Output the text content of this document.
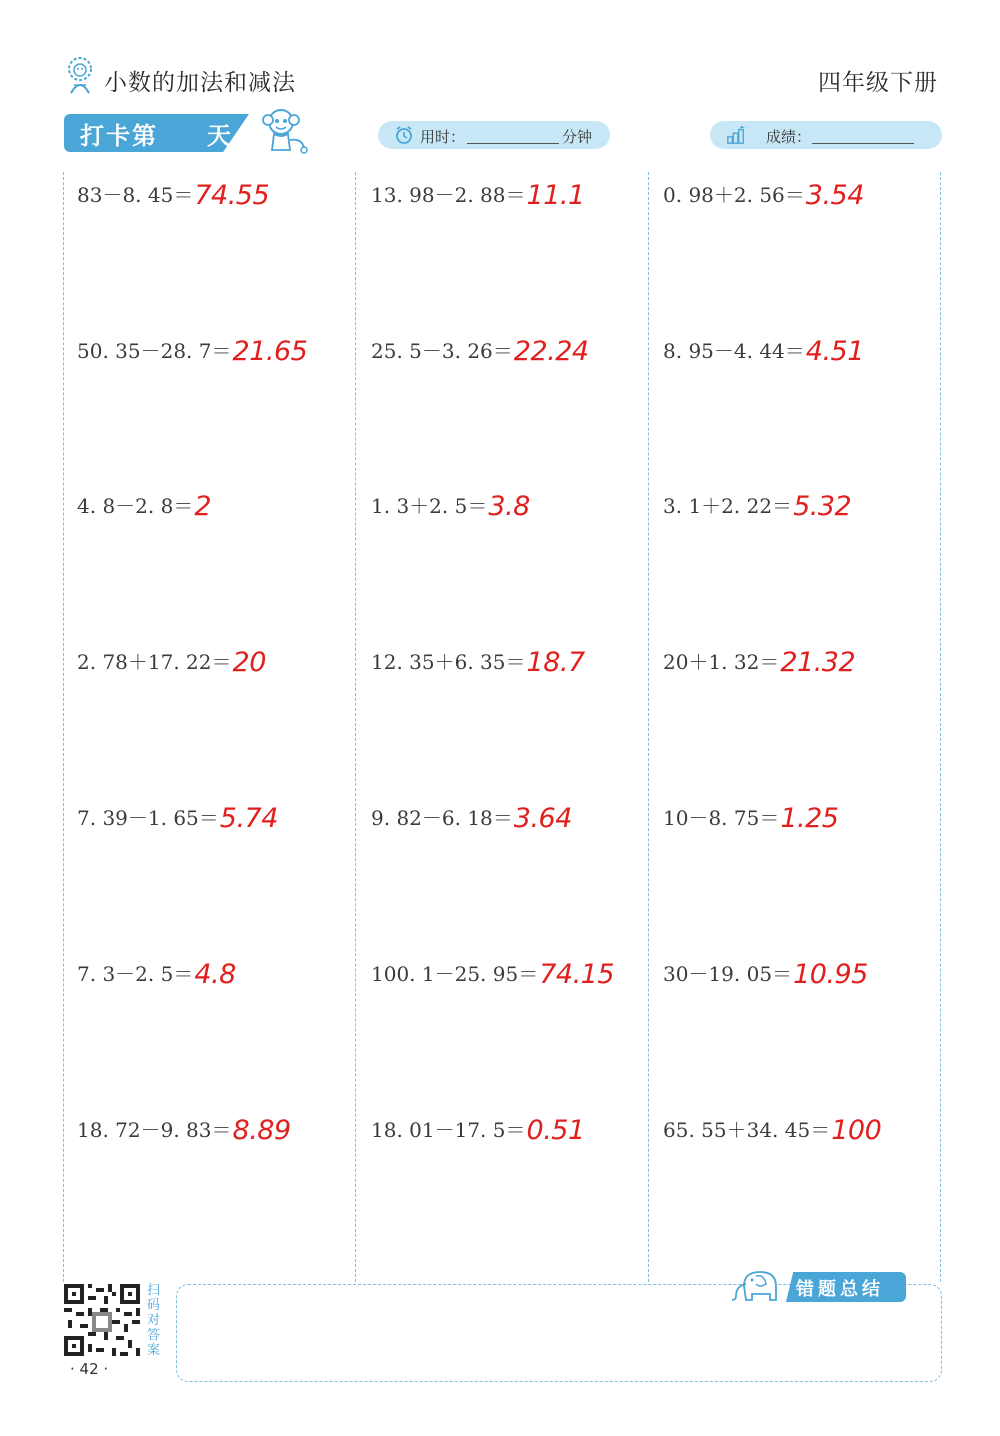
小数的加法和减法	四年级下册
打卡第 天	用时：	分钟	成绩：
83－8. 45＝74.55
50. 35－28. 7＝21.65
4. 8－2. 8＝2
2. 78＋17. 22＝20
7. 39－1. 65＝5.74
7. 3－2. 5＝4.8
18. 72－9. 83＝8.89
13. 98－2. 88＝11.1
25. 5－3. 26＝22.24
1. 3＋2. 5＝3.8
12. 35＋6. 35＝18.7
9. 82－6. 18＝3.64
100. 1－25. 95＝74.15
18. 01－17. 5＝0.51
0. 98＋2. 56＝3.54
8. 95－4. 44＝4.51
3. 1＋2. 22＝5.32
20＋1. 32＝21.32
10－8. 75＝1.25
30－19. 05＝10.95
65. 55＋34. 45＝100
扫码对答案
· 42 ·
错题总结
